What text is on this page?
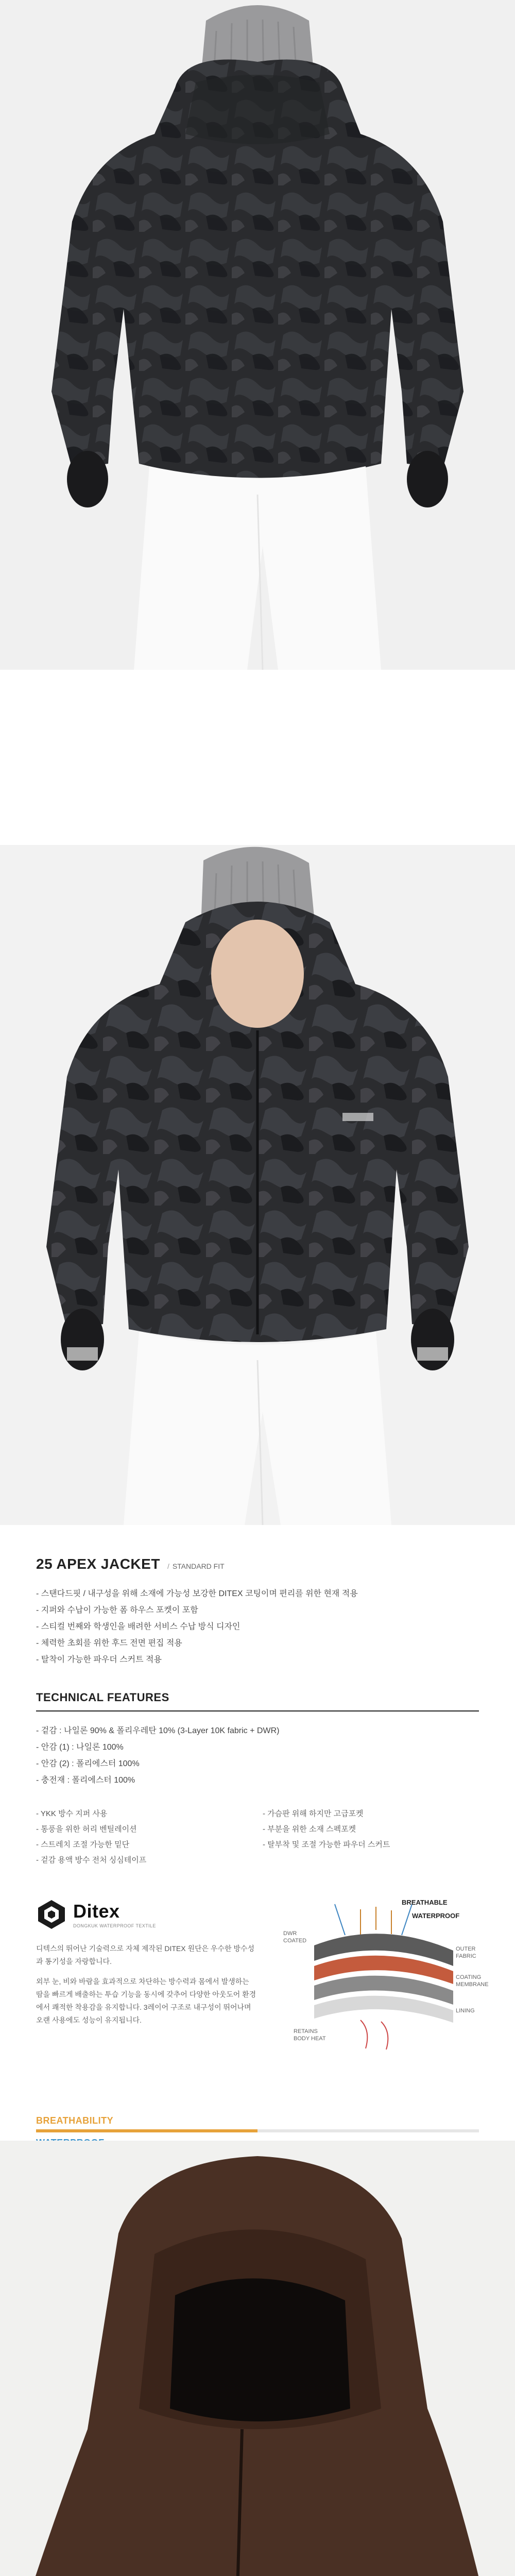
25 APEX JACKET / STANDARD FIT
- 스탠다드핏 / 내구성을 위해 소재에 가능성 보강한 DITEX 코팅이며 편리를 위한 현재 적용
- 지퍼와 수납이 가능한 폼 하우스 포켓이 포함
- 스티컬 번째와 학생인을 배려한 서비스 수납 방식 디자인
- 체력한 초회를 위한 후드 전면 편집 적용
- 탈착이 가능한 파우더 스커트 적용
TECHNICAL FEATURES
- 겉감 : 나일론 90% & 폴리우레탄 10% (3-Layer 10K fabric + DWR)
- 안감 (1) : 나일론 100%
- 안감 (2) : 폴리에스터 100%
- 충전재 : 폴리에스터 100%
- YKK 방수 지퍼 사용	- 가슴판 위해 하지만 고급포켓
- 통풍을 위한 허리 벤틸레이션	- 부분을 위한 소재 스펙포켓
- 스트레치 조절 가능한 밑단	- 탈부착 및 조절 가능한 파우더 스커트
- 겉감 용액 방수 전처 싱심테이프
Ditex
DONGKUK WATERPROOF TEXTILE

디텍스의 뛰어난 기술력으로 자체 제작된 DITEX 원단은 우수한 방수성과 통기성을 자랑합니다.

외부 눈, 비와 바람을 효과적으로 차단하는 방수력과 몸에서 발생하는 땀을 빠르게 배출하는 투습 기능을 동시에 갖추어 다양한 아웃도어 환경에서 쾌적한 착용감을 유지합니다. 3레이어 구조로 내구성이 뛰어나며 오랜 사용에도 성능이 유지됩니다.

BREATHABLE
WATERPROOF
DWR COATED
OUTER FABRIC
COATING MEMBRANE
LINING
RETAINS BODY HEAT
BREATHABILITY
